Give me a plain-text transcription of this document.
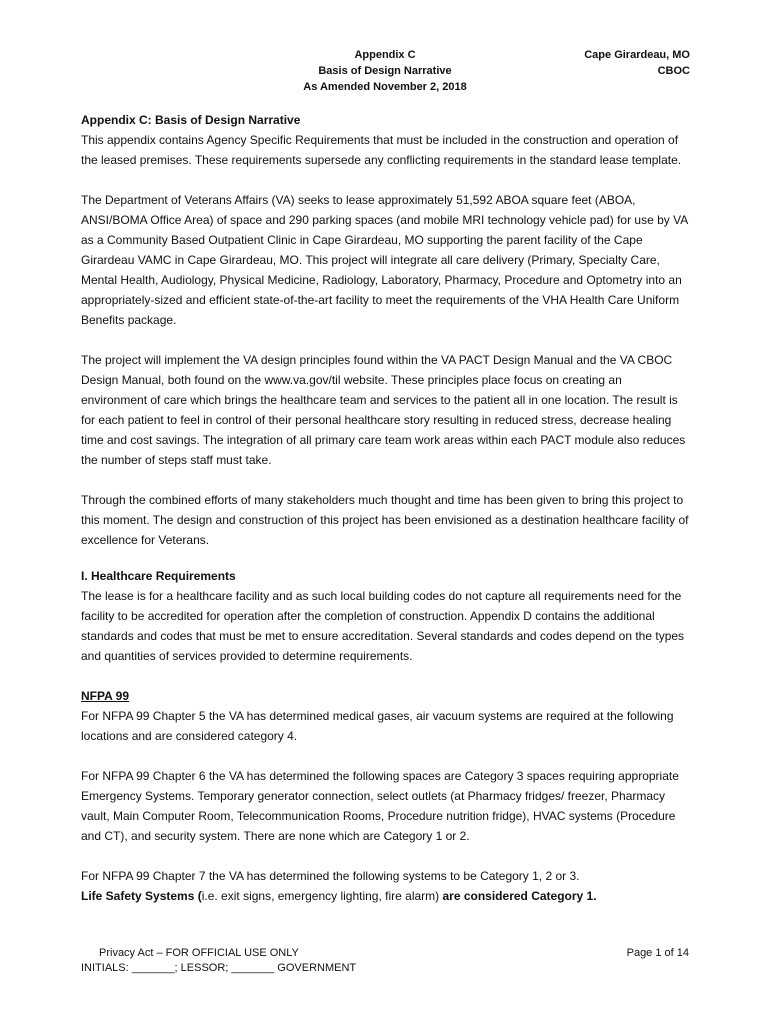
Appendix C
Basis of Design Narrative
As Amended November 2, 2018
Cape Girardeau, MO
CBOC

Appendix C: Basis of Design Narrative

This appendix contains Agency Specific Requirements that must be included in the construction and operation of the leased premises. These requirements supersede any conflicting requirements in the standard lease template.

The Department of Veterans Affairs (VA) seeks to lease approximately 51,592 ABOA square feet (ABOA, ANSI/BOMA Office Area) of space and 290 parking spaces (and mobile MRI technology vehicle pad) for use by VA as a Community Based Outpatient Clinic in Cape Girardeau, MO supporting the parent facility of the Cape Girardeau VAMC in Cape Girardeau, MO. This project will integrate all care delivery (Primary, Specialty Care, Mental Health, Audiology, Physical Medicine, Radiology, Laboratory, Pharmacy, Procedure and Optometry into an appropriately-sized and efficient state-of-the-art facility to meet the requirements of the VHA Health Care Uniform Benefits package.

The project will implement the VA design principles found within the VA PACT Design Manual and the VA CBOC Design Manual, both found on the www.va.gov/til website. These principles place focus on creating an environment of care which brings the healthcare team and services to the patient all in one location. The result is for each patient to feel in control of their personal healthcare story resulting in reduced stress, decrease healing time and cost savings. The integration of all primary care team work areas within each PACT module also reduces the number of steps staff must take.

Through the combined efforts of many stakeholders much thought and time has been given to bring this project to this moment. The design and construction of this project has been envisioned as a destination healthcare facility of excellence for Veterans.

I. Healthcare Requirements

The lease is for a healthcare facility and as such local building codes do not capture all requirements need for the facility to be accredited for operation after the completion of construction. Appendix D contains the additional standards and codes that must be met to ensure accreditation. Several standards and codes depend on the types and quantities of services provided to determine requirements.

NFPA 99

For NFPA 99 Chapter 5 the VA has determined medical gases, air vacuum systems are required at the following locations and are considered category 4.

For NFPA 99 Chapter 6 the VA has determined the following spaces are Category 3 spaces requiring appropriate Emergency Systems. Temporary generator connection, select outlets (at Pharmacy fridges/ freezer, Pharmacy vault, Main Computer Room, Telecommunication Rooms, Procedure nutrition fridge), HVAC systems (Procedure and CT), and security system. There are none which are Category 1 or 2.

For NFPA 99 Chapter 7 the VA has determined the following systems to be Category 1, 2 or 3.

Life Safety Systems (i.e. exit signs, emergency lighting, fire alarm) are considered Category 1.

Privacy Act – FOR OFFICIAL USE ONLY
INITIALS: _______; LESSOR; _______ GOVERNMENT
Page 1 of 14
